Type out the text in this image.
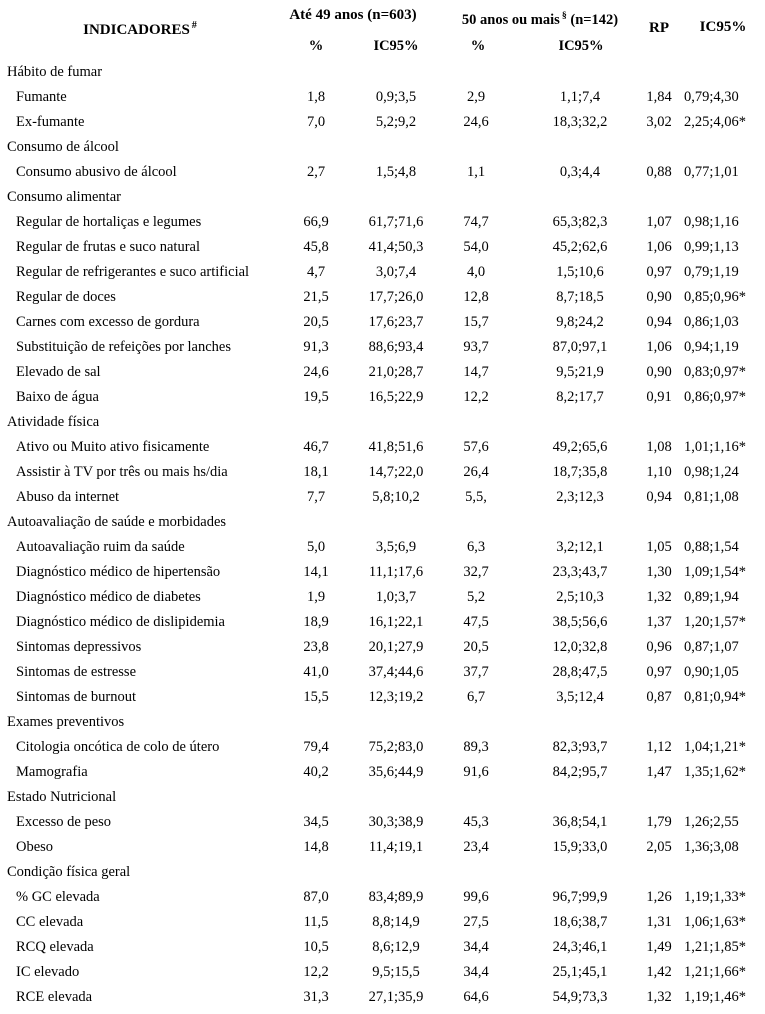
INDICADORES #
Até 49 anos (n=603)	50 anos ou mais § (n=142)
RP	IC95%
%	IC95%	%	IC95%
Hábito de fumar
Fumante	1,8	0,9;3,5	2,9	1,1;7,4	1,84 0,79;4,30
Ex-fumante	7,0	5,2;9,2	24,6	18,3;32,2	3,02 2,25;4,06*
Consumo de álcool
Consumo abusivo de álcool	2,7	1,5;4,8	1,1	0,3;4,4	0,88 0,77;1,01
Consumo alimentar
Regular de hortaliças e legumes	66,9	61,7;71,6	74,7	65,3;82,3	1,07 0,98;1,16
Regular de frutas e suco natural	45,8	41,4;50,3	54,0	45,2;62,6	1,06 0,99;1,13
Regular de refrigerantes e suco artificial	4,7	3,0;7,4	4,0	1,5;10,6	0,97 0,79;1,19
Regular de doces	21,5	17,7;26,0	12,8	8,7;18,5	0,90 0,85;0,96*
Carnes com excesso de gordura	20,5	17,6;23,7	15,7	9,8;24,2	0,94 0,86;1,03
Substituição de refeições por lanches	91,3	88,6;93,4	93,7	87,0;97,1	1,06 0,94;1,19
Elevado de sal	24,6	21,0;28,7	14,7	9,5;21,9	0,90 0,83;0,97*
Baixo de água	19,5	16,5;22,9	12,2	8,2;17,7	0,91 0,86;0,97*
Atividade física
Ativo ou Muito ativo fisicamente	46,7	41,8;51,6	57,6	49,2;65,6	1,08 1,01;1,16*
Assistir à TV por três ou mais hs/dia	18,1	14,7;22,0	26,4	18,7;35,8	1,10 0,98;1,24
Abuso da internet	7,7	5,8;10,2	5,5,	2,3;12,3	0,94 0,81;1,08
Autoavaliação de saúde e morbidades
Autoavaliação ruim da saúde	5,0	3,5;6,9	6,3	3,2;12,1	1,05 0,88;1,54
Diagnóstico médico de hipertensão	14,1	11,1;17,6	32,7	23,3;43,7	1,30 1,09;1,54*
Diagnóstico médico de diabetes	1,9	1,0;3,7	5,2	2,5;10,3	1,32 0,89;1,94
Diagnóstico médico de dislipidemia	18,9	16,1;22,1	47,5	38,5;56,6	1,37 1,20;1,57*
Sintomas depressivos	23,8	20,1;27,9	20,5	12,0;32,8	0,96 0,87;1,07
Sintomas de estresse	41,0	37,4;44,6	37,7	28,8;47,5	0,97 0,90;1,05
Sintomas de burnout	15,5	12,3;19,2	6,7	3,5;12,4	0,87 0,81;0,94*
Exames preventivos
Citologia oncótica de colo de útero	79,4	75,2;83,0	89,3	82,3;93,7	1,12 1,04;1,21*
Mamografia	40,2	35,6;44,9	91,6	84,2;95,7	1,47 1,35;1,62*
Estado Nutricional
Excesso de peso	34,5	30,3;38,9	45,3	36,8;54,1	1,79 1,26;2,55
Obeso	14,8	11,4;19,1	23,4	15,9;33,0	2,05 1,36;3,08
Condição física geral
% GC elevada	87,0	83,4;89,9	99,6	96,7;99,9	1,26 1,19;1,33*
CC elevada	11,5	8,8;14,9	27,5	18,6;38,7	1,31 1,06;1,63*
RCQ elevada	10,5	8,6;12,9	34,4	24,3;46,1	1,49 1,21;1,85*
IC elevado	12,2	9,5;15,5	34,4	25,1;45,1	1,42 1,21;1,66*
RCE elevada	31,3	27,1;35,9	64,6	54,9;73,3	1,32 1,19;1,46*
